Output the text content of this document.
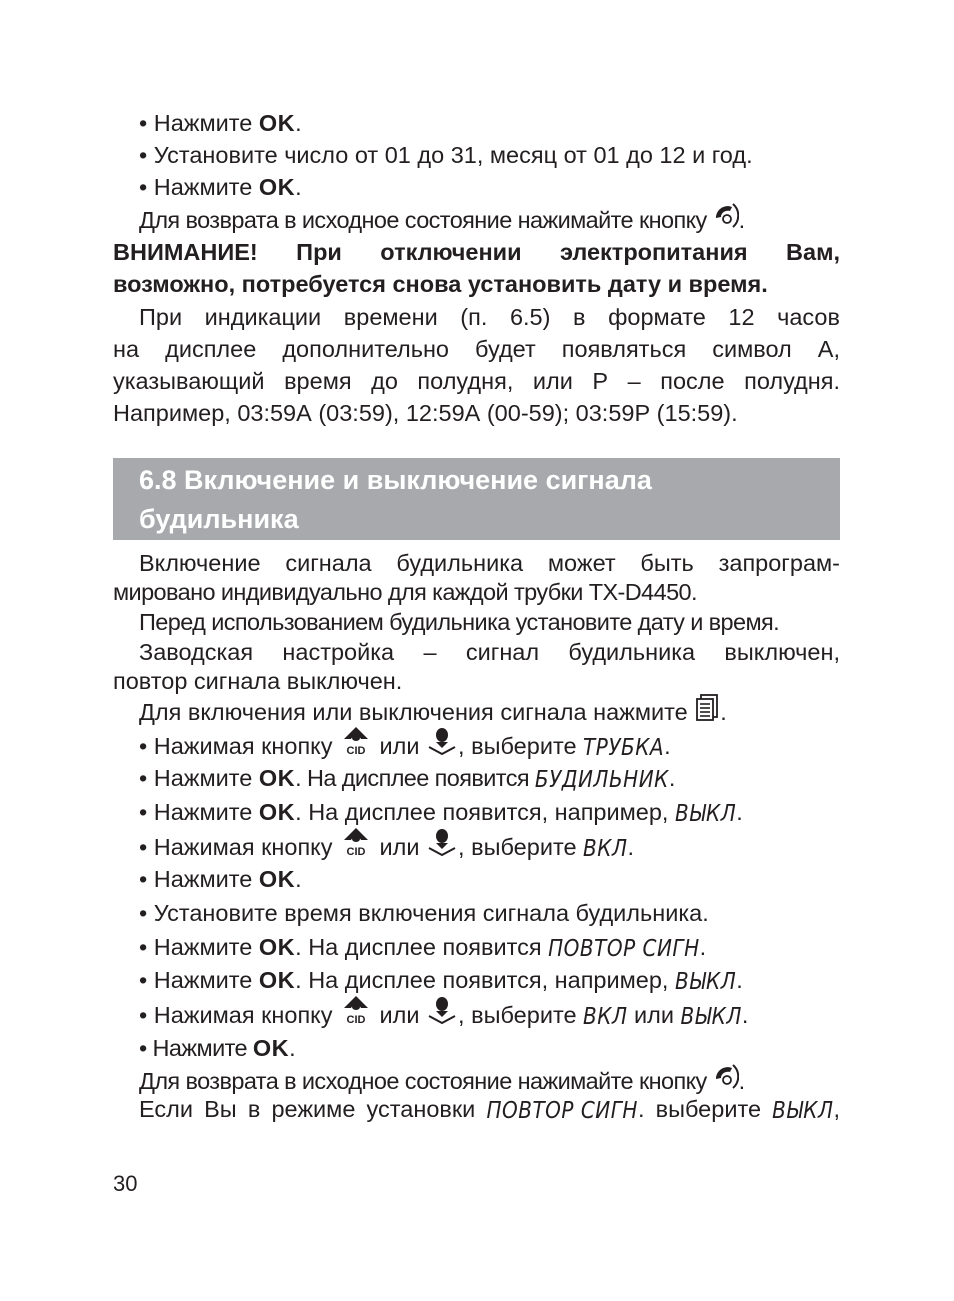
• Нажмите OK.
• Установите число от 01 до 31, месяц от 01 до 12 и год.
• Нажмите OK.
Для возврата в исходное состояние нажимайте кнопку .
ВНИМАНИЕ! При отключении электропитания Вам,
возможно, потребуется снова установить дату и время.
При индикации времени (п. 6.5) в формате 12 часов
на дисплее дополнительно будет появляться символ А,
указывающий время до полудня, или Р – после полудня.
Например, 03:59А (03:59), 12:59А (00-59); 03:59Р (15:59).
6.8 Включение и выключение сигнала
будильника
Включение сигнала будильника может быть запрограм-
мировано индивидуально для каждой трубки TX-D4450.
Перед использованием будильника установите дату и время.
Заводская настройка – сигнал будильника выключен,
повтор сигнала выключен.
Для включения или выключения сигнала нажмите .
• Нажимая кнопку CID или , выберите ТРУБКА.
• Нажмите OK. На дисплее появится БУДИЛЬНИК.
• Нажмите OK. На дисплее появится, например, ВЫКЛ.
• Нажимая кнопку CID или , выберите ВКЛ.
• Нажмите OK.
• Установите время включения сигнала будильника.
• Нажмите OK. На дисплее появится ПОВТОР СИГН.
• Нажмите OK. На дисплее появится, например, ВЫКЛ.
• Нажимая кнопку CID или , выберите ВКЛ или ВЫКЛ.
• Нажмите OK.
Для возврата в исходное состояние нажимайте кнопку .
Если Вы в режиме установки ПОВТОР СИГН. выберите ВЫКЛ,
30
